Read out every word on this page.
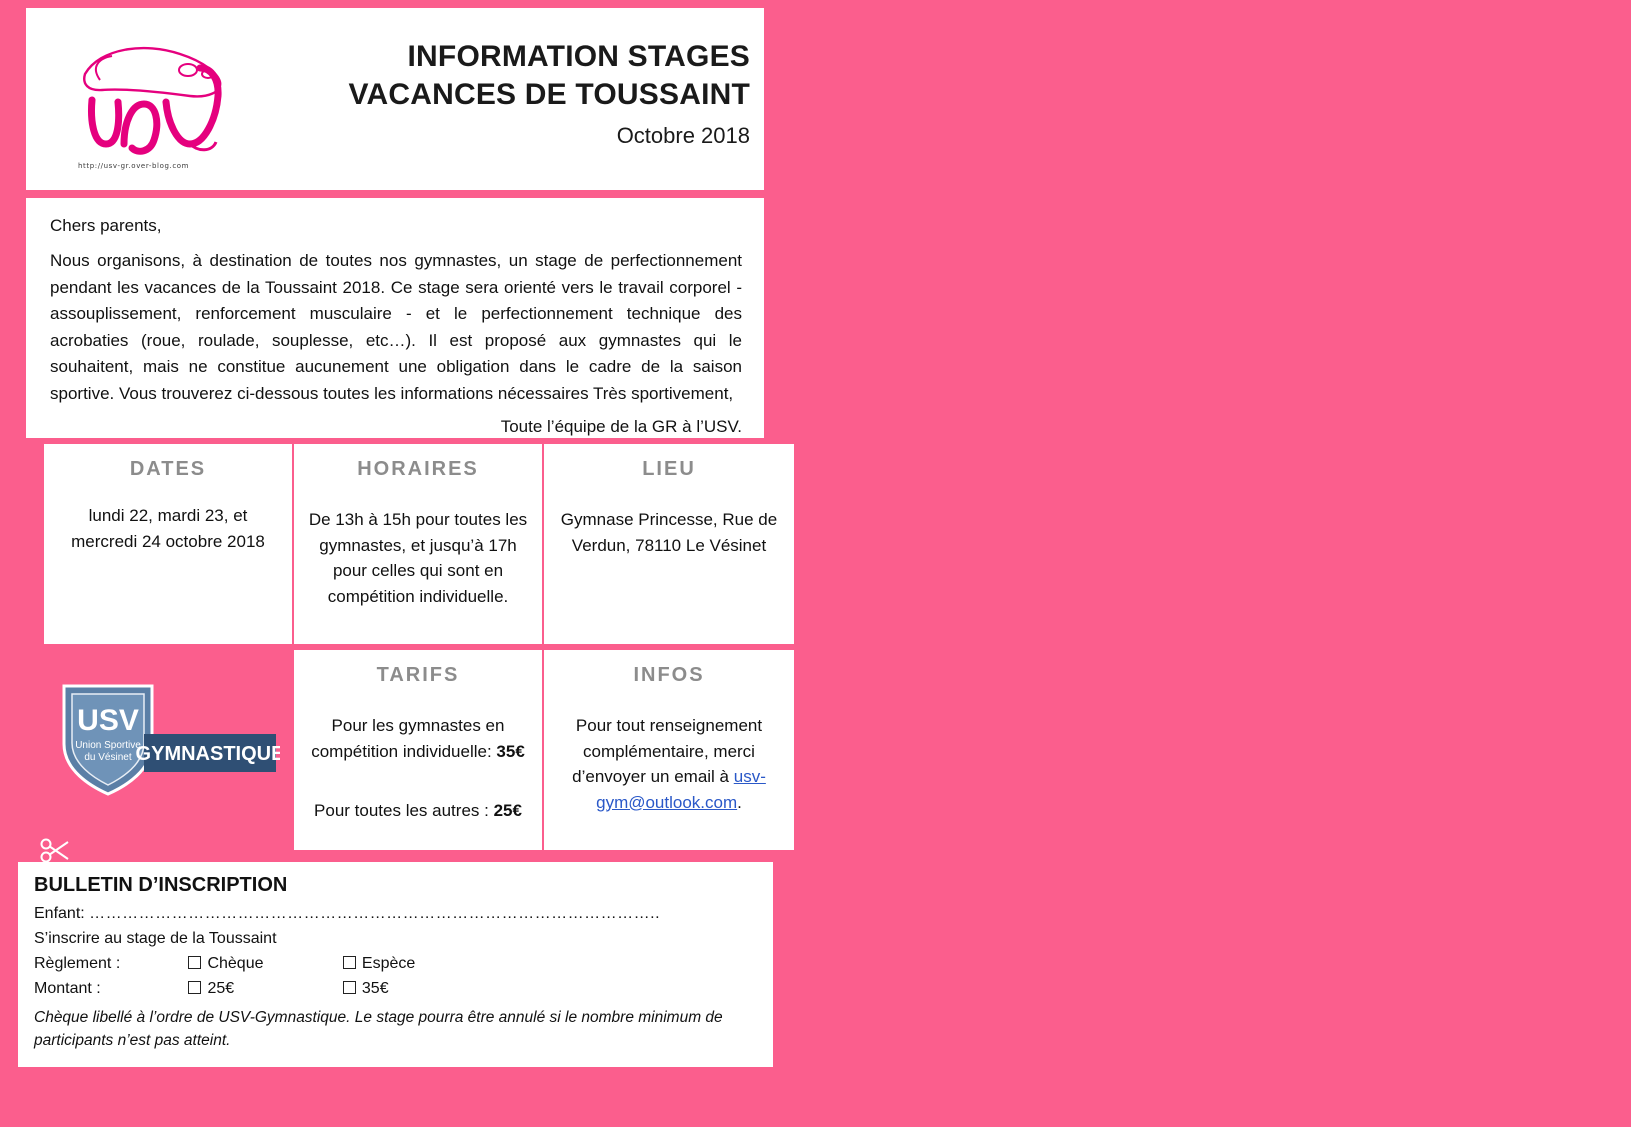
http://usv-gr.over-blog.com
INFORMATION STAGES
VACANCES DE TOUSSAINT
Octobre 2018
Chers parents,
Nous organisons, à destination de toutes nos gymnastes, un stage de perfectionnement pendant les vacances de la Toussaint 2018. Ce stage sera orienté vers le travail corporel - assouplissement, renforcement musculaire - et le perfectionnement technique des acrobaties (roue, roulade, souplesse, etc…). Il est proposé aux gymnastes qui le souhaitent, mais ne constitue aucunement une obligation dans le cadre de la saison sportive. Vous trouverez ci-dessous toutes les informations nécessaires Très sportivement,
Toute l’équipe de la GR à l’USV.
DATES
lundi 22, mardi 23, et mercredi 24 octobre 2018
HORAIRES
De 13h à 15h pour toutes les gymnastes, et jusqu’à 17h pour celles qui sont en compétition individuelle.
LIEU
Gymnase Princesse, Rue de Verdun, 78110 Le Vésinet
TARIFS
Pour les gymnastes en compétition individuelle: 35€
Pour toutes les autres : 25€
INFOS
Pour tout renseignement complémentaire, merci d’envoyer un email à usv-gym@outlook.com.
USV
Union Sportive
du Vésinet GYMNASTIQUE
BULLETIN D’INSCRIPTION
Enfant: …………………………………………………………………………………………..
S’inscrire au stage de la Toussaint
Règlement :	Chèque	Espèce
Montant :	25€	35€
Chèque libellé à l’ordre de USV-Gymnastique. Le stage pourra être annulé si le nombre minimum de participants n’est pas atteint.
